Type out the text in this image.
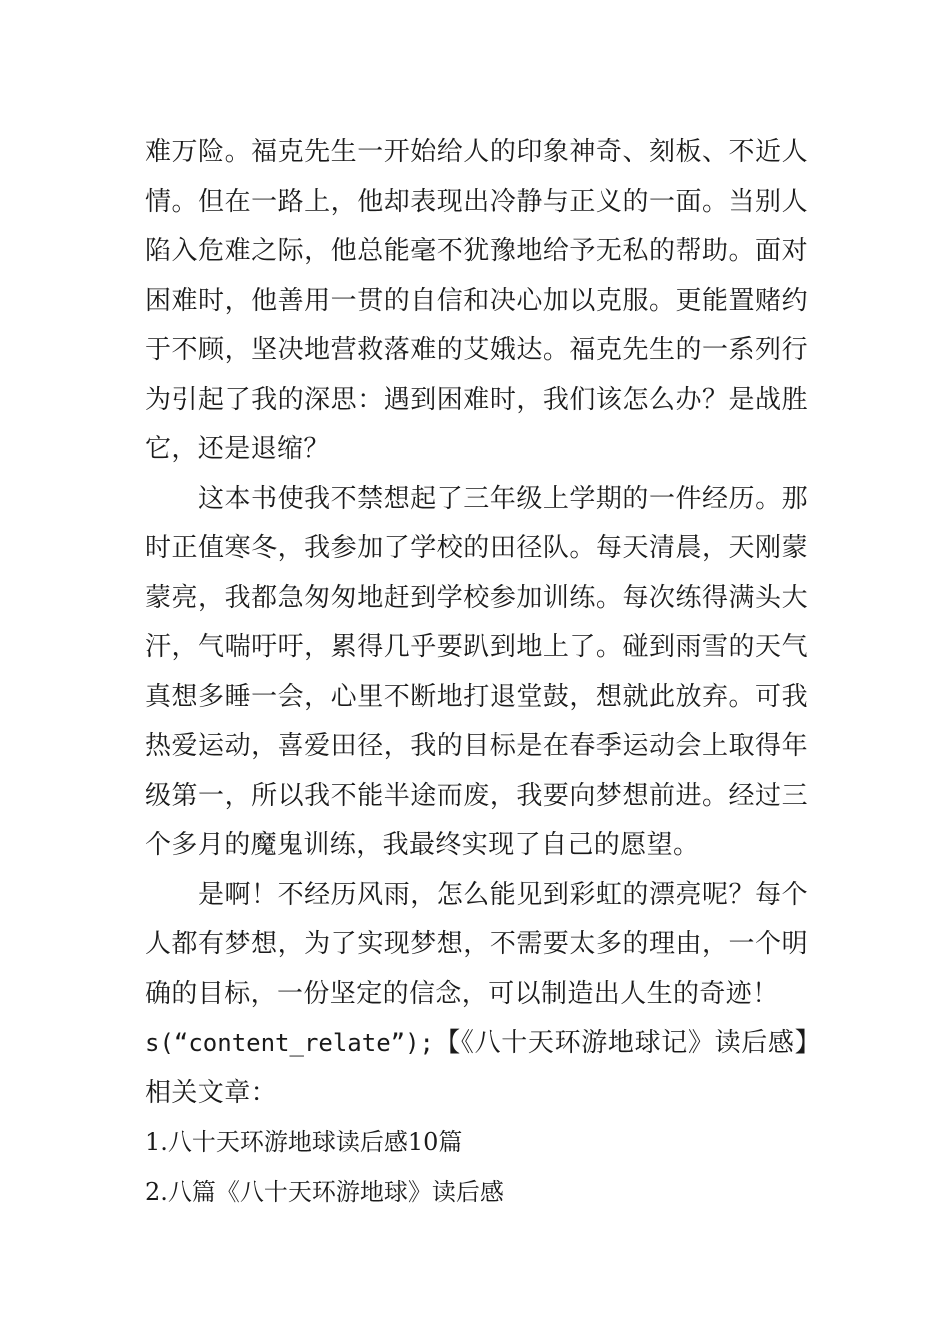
难万险。福克先生一开始给人的印象神奇、刻板、不近人情。但在一路上，他却表现出冷静与正义的一面。当别人陷入危难之际，他总能毫不犹豫地给予无私的帮助。面对困难时，他善用一贯的自信和决心加以克服。更能置赌约于不顾，坚决地营救落难的艾娥达。福克先生的一系列行为引起了我的深思：遇到困难时，我们该怎么办？是战胜它，还是退缩？

这本书使我不禁想起了三年级上学期的一件经历。那时正值寒冬，我参加了学校的田径队。每天清晨，天刚蒙蒙亮，我都急匆匆地赶到学校参加训练。每次练得满头大汗，气喘吁吁，累得几乎要趴到地上了。碰到雨雪的天气真想多睡一会，心里不断地打退堂鼓，想就此放弃。可我热爱运动，喜爱田径，我的目标是在春季运动会上取得年级第一，所以我不能半途而废，我要向梦想前进。经过三个多月的魔鬼训练，我最终实现了自己的愿望。

是啊！不经历风雨，怎么能见到彩虹的漂亮呢？每个人都有梦想，为了实现梦想，不需要太多的理由，一个明确的目标，一份坚定的信念，可以制造出人生的奇迹！

s(“content_relate”);【《八十天环游地球记》读后感】相关文章：

1.八十天环游地球读后感10篇
2.八篇《八十天环游地球》读后感
